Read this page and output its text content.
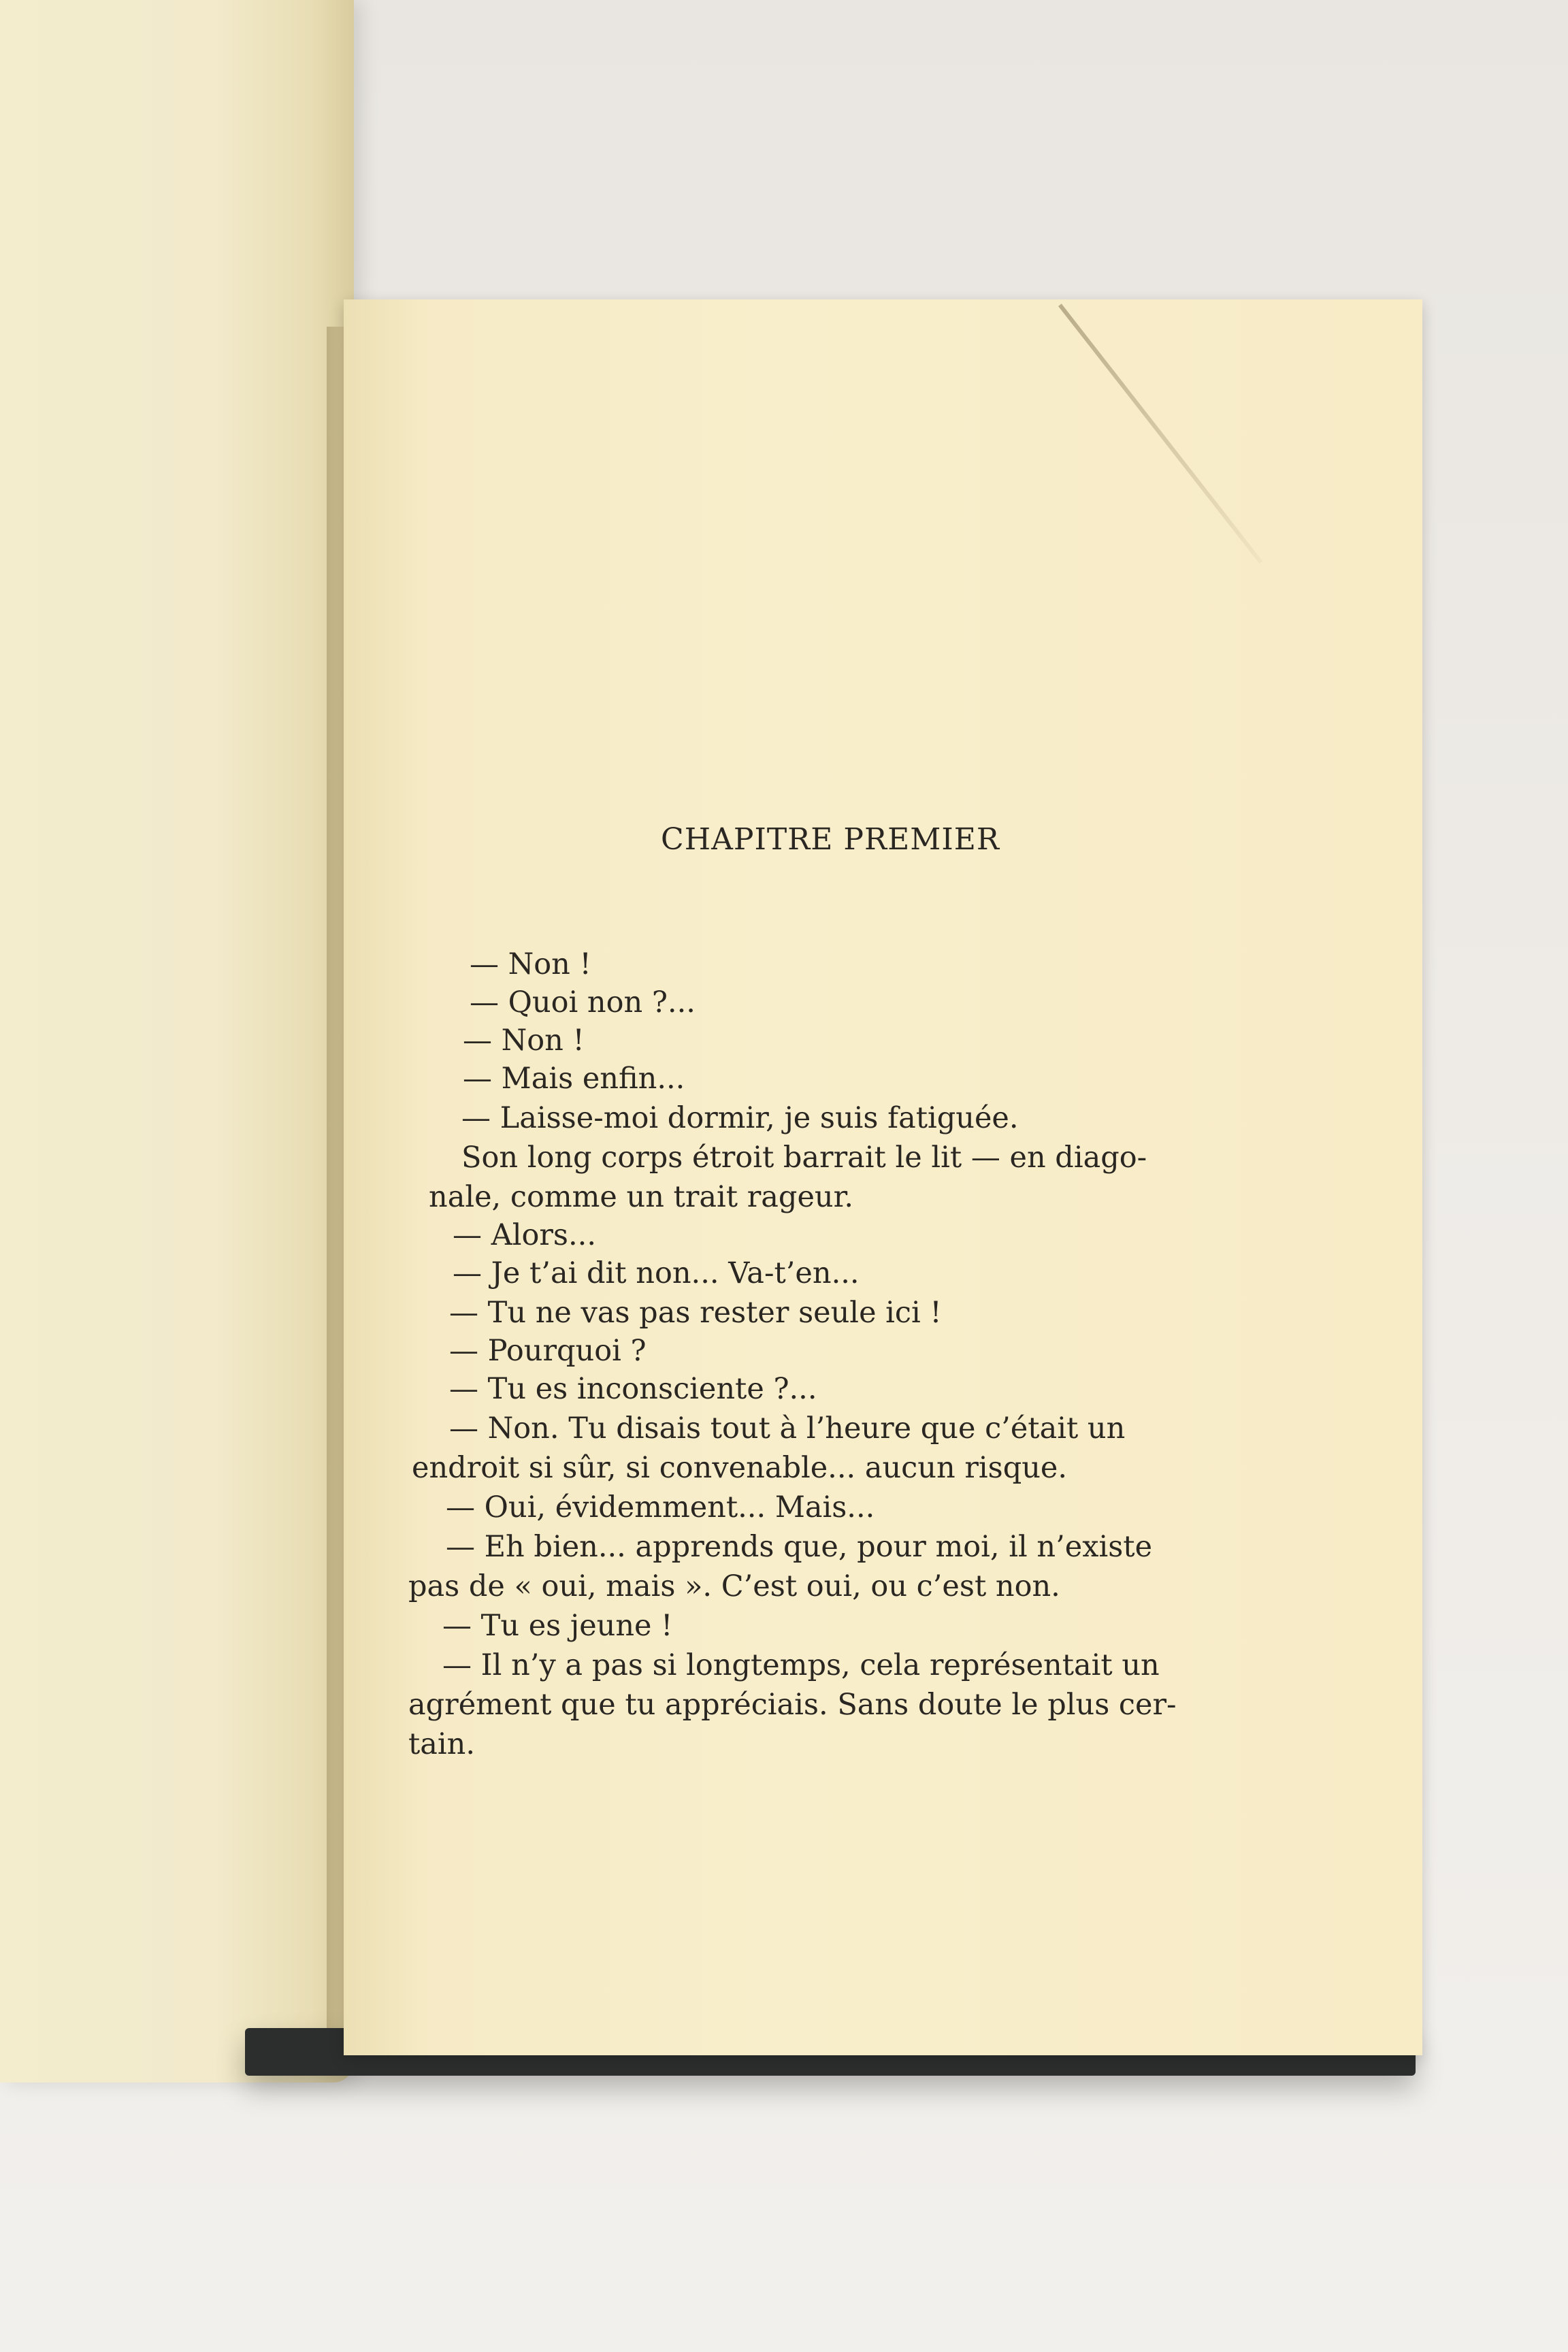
CHAPITRE PREMIER
— Non !
— Quoi non ?...
— Non !
— Mais enfin...
— Laisse-moi dormir, je suis fatiguée.
Son long corps étroit barrait le lit — en diago-
nale, comme un trait rageur.
— Alors...
— Je t’ai dit non... Va-t’en...
— Tu ne vas pas rester seule ici !
— Pourquoi ?
— Tu es inconsciente ?...
— Non. Tu disais tout à l’heure que c’était un
endroit si sûr, si convenable... aucun risque.
— Oui, évidemment... Mais...
— Eh bien... apprends que, pour moi, il n’existe
pas de « oui, mais ». C’est oui, ou c’est non.
— Tu es jeune !
— Il n’y a pas si longtemps, cela représentait un
agrément que tu appréciais. Sans doute le plus cer-
tain.
